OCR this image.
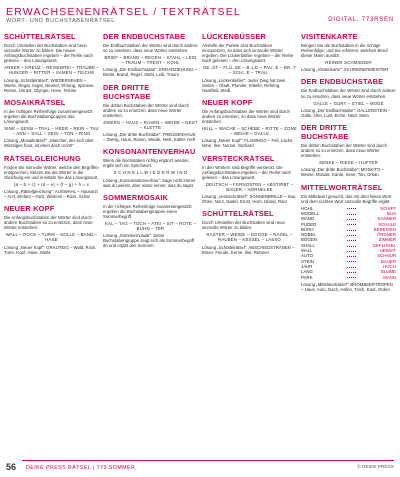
ERWACHSENENRÄTSEL / TEXTRÄTSEL
WORT- UND BUCHSTABENRÄTSEL	DIGITAL: 773RSEN
SCHÜTTELRÄTSEL

Durch Umstellen der Buchstaben sind neun sinnvolle Wörter zu bilden. Die neuen Anfangsbuchstaben ergeben – der Reihe nach gelesen – den Lösungswort.

ANKER – KREUZ – REISEBREI – TRAUBE – HUNGER – RITTER – SAMEN – TEICHE

Lösung „Schüttelrätsel“: WIEDERSEHEN – Wiese, Regal, Angst, Neuner, Ehrung, Sprosse, Reime, Unrast, Olympe, Hose, Terrine

MOSAIKRÄTSEL

In der richtigen Reihenfolge zusammengesetzt ergeben die Buchstabengruppen das Lösungswort.

SINE – SENN – TRAL – HEER – REIN – TAU – ANN – SALL – SEIN – TON – RING

Lösung „Mosaikrätsel“: „Mancher, der sich über Wichtiges freut, ist eben doch recht!“

RÄTSELGLEICHUNG

Finden Sie sinnvolle Wörter, welche den Begriffen entsprechen. Setzen Sie die Wörter in die Gleichung ein und ermitteln Sie das Lösungswort.

(a – b + c) + (d – e) + (f – g) + h = x

Lösung „Rätselgleichung“: AUSWAHL – Hausarzt – Arzt, Elefant – Fant, Walross – Ross, Schal

NEUER KOPF

Die Anfangsbuchstaben der Wörter sind durch andere Buchstaben so zu ersetzen, dass neue Wörter entstehen.

WALL – ROCK – TURM – KOLLE – BAND – HASE

Lösung „Neuer Kopf“: GRAUTEIG – Wald, Rock, Turm, Kopf, Hase, Welle

DER ENDBUCHSTABE

Die Endbuchstaben der Wörter sind durch andere so zu ersetzen, dass neue Wörter entstehen.

BRIEF – BRAND – REGEN – STAHL – LEID – TRAUM – TRENT – KOHL

Lösung „Der Endbuchstabe“: ERDANZIEHUNG – Breite, Brand, Regel, Stahl, Leib, Traum

DER DRITTE BUCHSTABE

Die dritten Buchstaben der Wörter sind durch andere so zu ersetzen, dass neue Wörter entstehen.

ZWERG – HAUS – RASEN – WEIDE – NEST – KLETTE

Lösung „Der dritte Buchstabe“: FREUDENHAUS – Zwerg, Haus, Rasen, Weide, Nest, Kalter, Heft

KONSONANTENVERHAU

Wenn die Buchstaben richtig ergänzt werden, ergibt sich ein Sprichwort.

S C H N E L L W I E D E R W I N D

Lösung „Konsonantenverhau“: Sage nicht immer was du weisst, aber wisse immer, was du sagst.

SOMMERMOSAIK

In der richtigen Reihenfolge zusammengesetzt ergeben die Buchstabengruppen einen Sommerbegriff.

KAL – TAG – TOCH – ATEI – SIT – ROTE – BÜHN – TER

Lösung „Sommermosaik“: Diese Buchstabengruppe zeigt sich als Sommerbegriff an und ergibt den Sommer.

LÜCKENBÜSSER

Anstelle der Punkte sind Buchstaben einzusetzen, so dass sich sinnvolle Wörter ergeben. Die Lückenbüßer ergeben – der Reihe nach gelesen – den Lösungswort.

DE..ST – FLÜ..SE – B..LD – PAU..E – BR..T – SCHI..E – TRAU..

Lösung „Lückenbüßer“: Jeder Dieg hat zwei Seiten – Ofadt, Plunder, Kittelle, Rehring, Haarfteil, Steiß

NEUER KOPF

Die Anfangsbuchstaben der Wörter sind durch andere zu ersetzen, so dass neue Wörter entstehen.

HULL – WACHE – SCHEBE – RITTE – ZONE – WEIHE – GALLE

Lösung „Neuer Kopf“: FLAMINGO – Fell, Lachs, Mine, Ilse, Nonne, Gerhard

VERSTECKRÄTSEL

In den Wörtern sind Begriffe versteckt. Die Anfangsbuchstaben ergeben – der Reihe nach gelesen – das Lösungswort.

DEUTSCH – FERNOSTEN – ABSTIRBT – BAUER – HORNKLEE

Lösung „Versteckrätsel“: SONNENBRILLE – Sau, Ohne, Nerz, Nadel, Ernst, Horn, Island, Rind

SCHÜTTELRÄTSEL

Durch Umstellen der Buchstaben sind neue sinnvolle Wörter zu bilden.

RASTER – WEIDE – DOGGE – NAGEL – RAUBEN – KESSEL – LASSO

Lösung „Schüttelrätsel“: ABSCHIEDSTRÄNEN – Eimer, Feinde, Kerne, Ilse, Rebmer

VISITENKARTE

Bringen Sie die Buchstaben in die richtige Reihenfolge, und Sie erfahren, welchen Beruf dieser Mann ausübt.

REINER SCHMIEDER

Lösung „Visitenkarte“: SCHREINERMEISTER

DER ENDBUCHSTABE

Die Endbuchstaben der Wörter sind durch andere so zu ersetzen, dass neue Wörter entstehen.

GALLE – GURT – STIEL – MODE

Lösung „Der Endbuchstabe“: GALLENSTEIN – Galle, Alter, Lust, Eiche, Neid, Stein

DER DRITTE BUCHSTABE

Die dritten Buchstaben der Wörter sind durch andere so zu ersetzen, dass neue Wörter entstehen.

SENKE – RIESE – HUFTER

Lösung „Der dritte Buchstabe“: MOSKITO – Messe, Mosaik, Kante, Irene, Ton, Orkan

MITTELWORTRÄTSEL

Ein Mittelwort gesucht, das mit dem linken Wort und dem rechten Wort sinnvolle Begriffe ergibt.

HOHL	SCHIFF
MODELL	BUS
WAND	KANNER
PUDER	SCHULE
BÜRO	BEREISEN
NOBEL	ÖRDNER
BÖGEN	ZIMMER
SHALL	GEFLÜGEL
MALL	HEIMAT
AUTO	SCHNUR
STEIN	BAUER
JAHR	HOCH
LANG	BLUME
PARK	MANN

Lösung „Mittelworträtsel“: BROMBEERTROPEN – Haus, Auto, Dach, Hafen, Tisch, Kant, Orden

56 DEIKE PRESS RÄTSEL | 773 SOMMER	© DEIKE PRESS
